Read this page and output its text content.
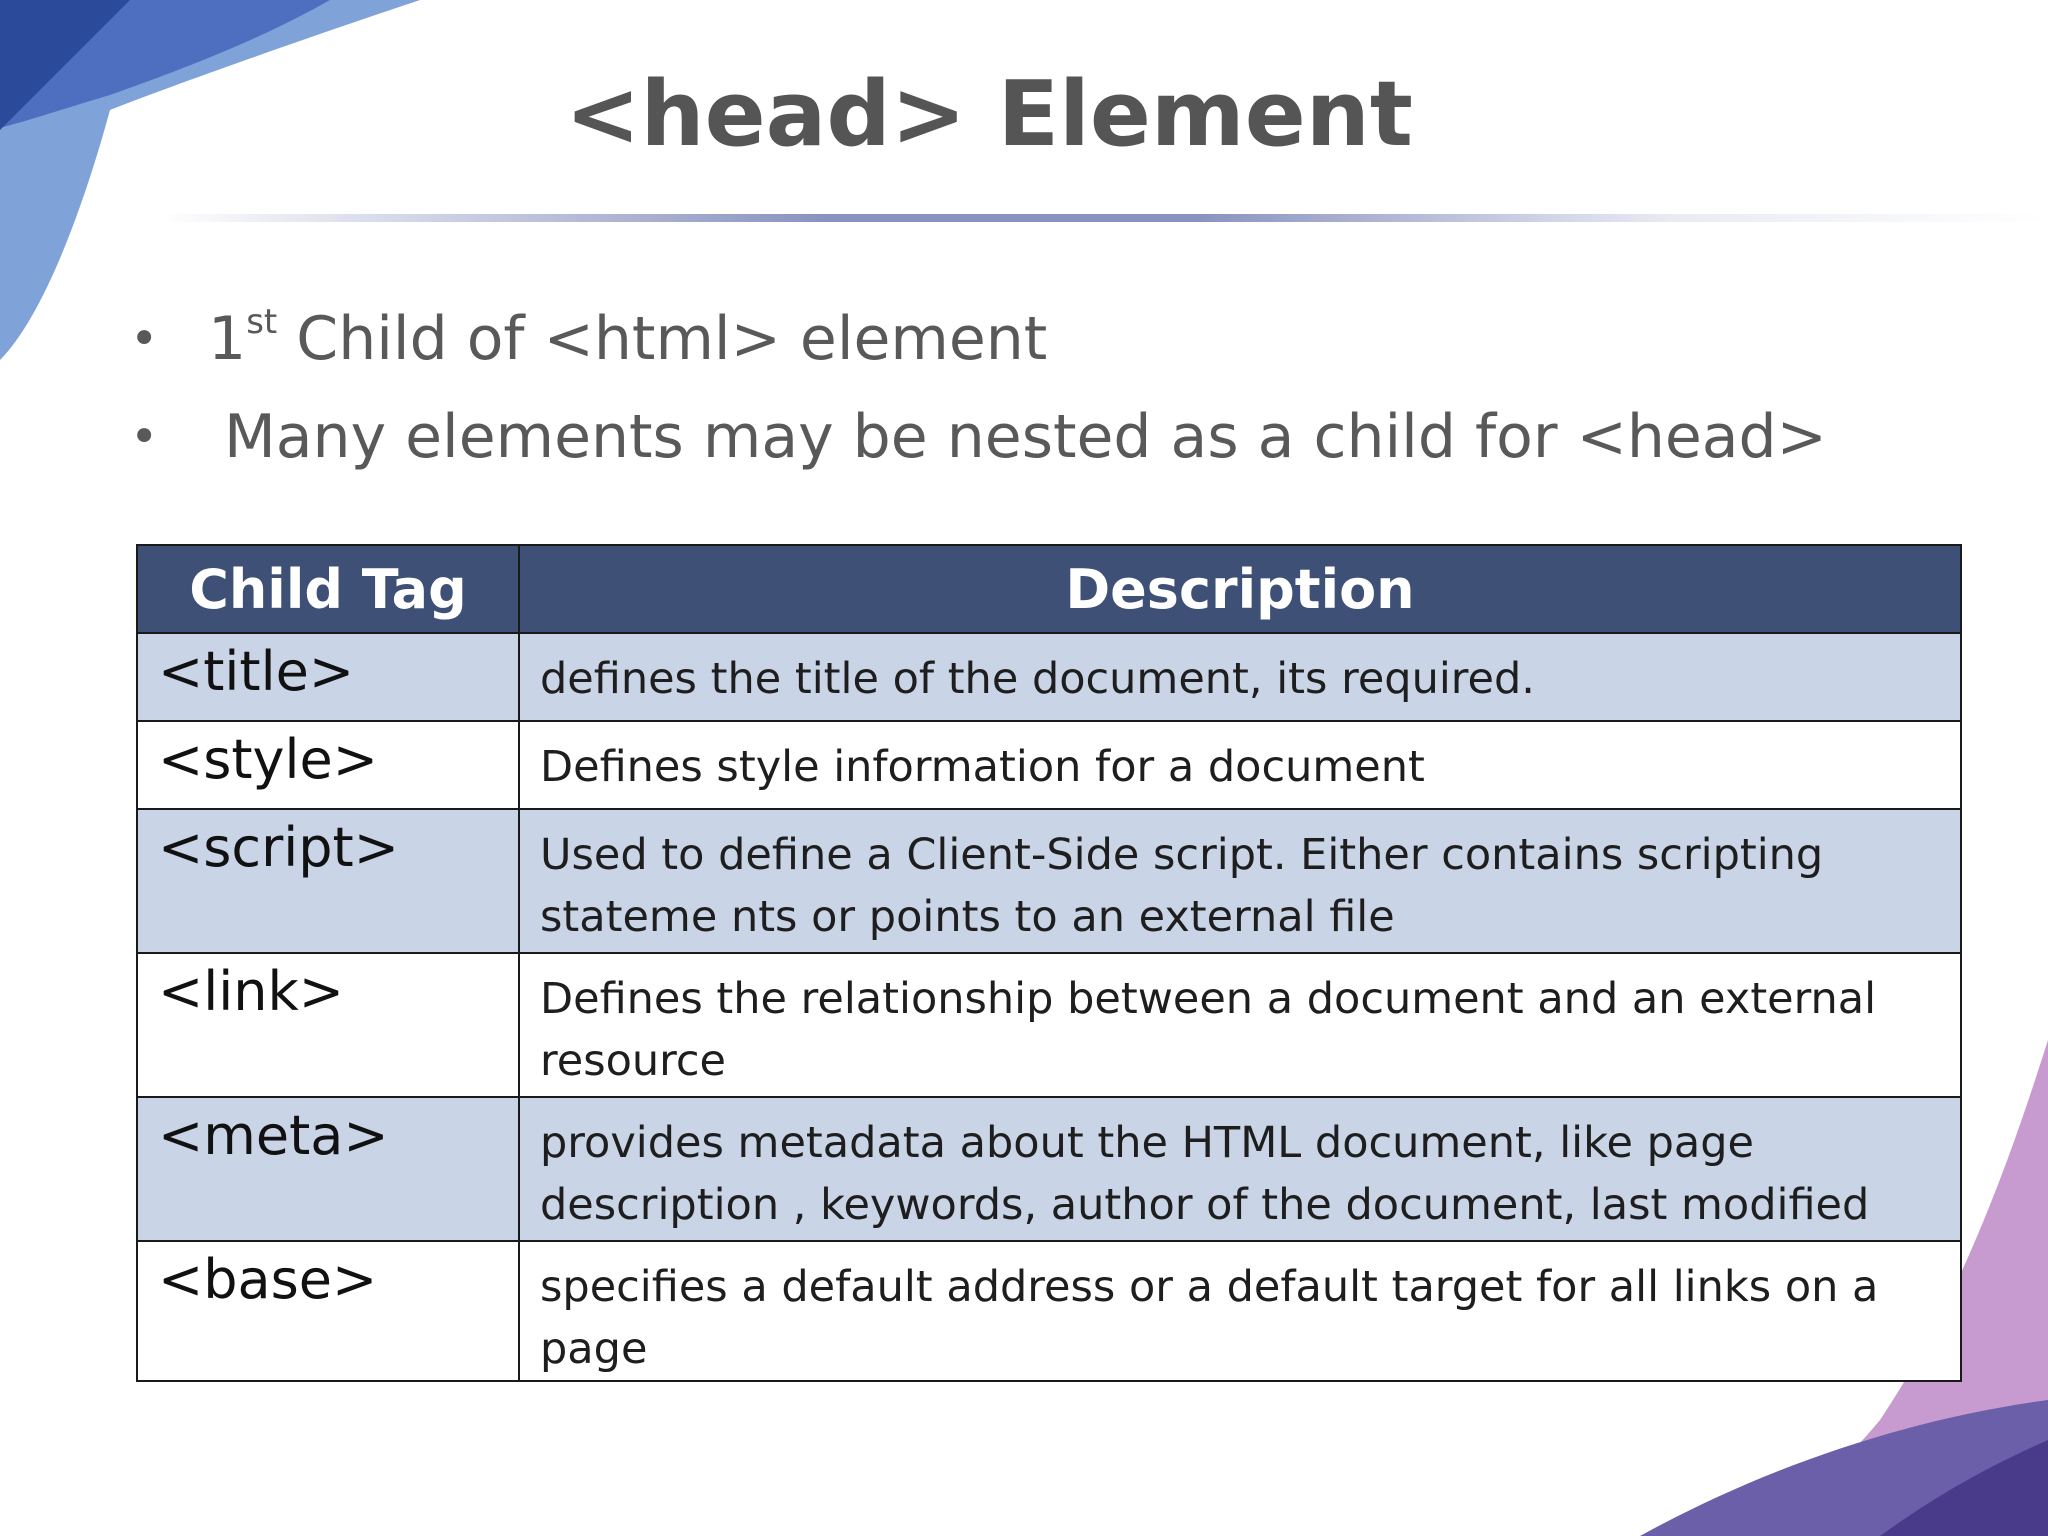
<head> Element
• 1st Child of <html> element
• Many elements may be nested as a child for <head>
Child Tag	Description
<title>	defines the title of the document, its required.
<style>	Defines style information for a document
<script>	Used to define a Client-Side script. Either contains scripting stateme nts or points to an external file
<link>	Defines the relationship between a document and an external resource
<meta>	provides metadata about the HTML document, like page description , keywords, author of the document, last modified
<base>	specifies a default address or a default target for all links on a page
